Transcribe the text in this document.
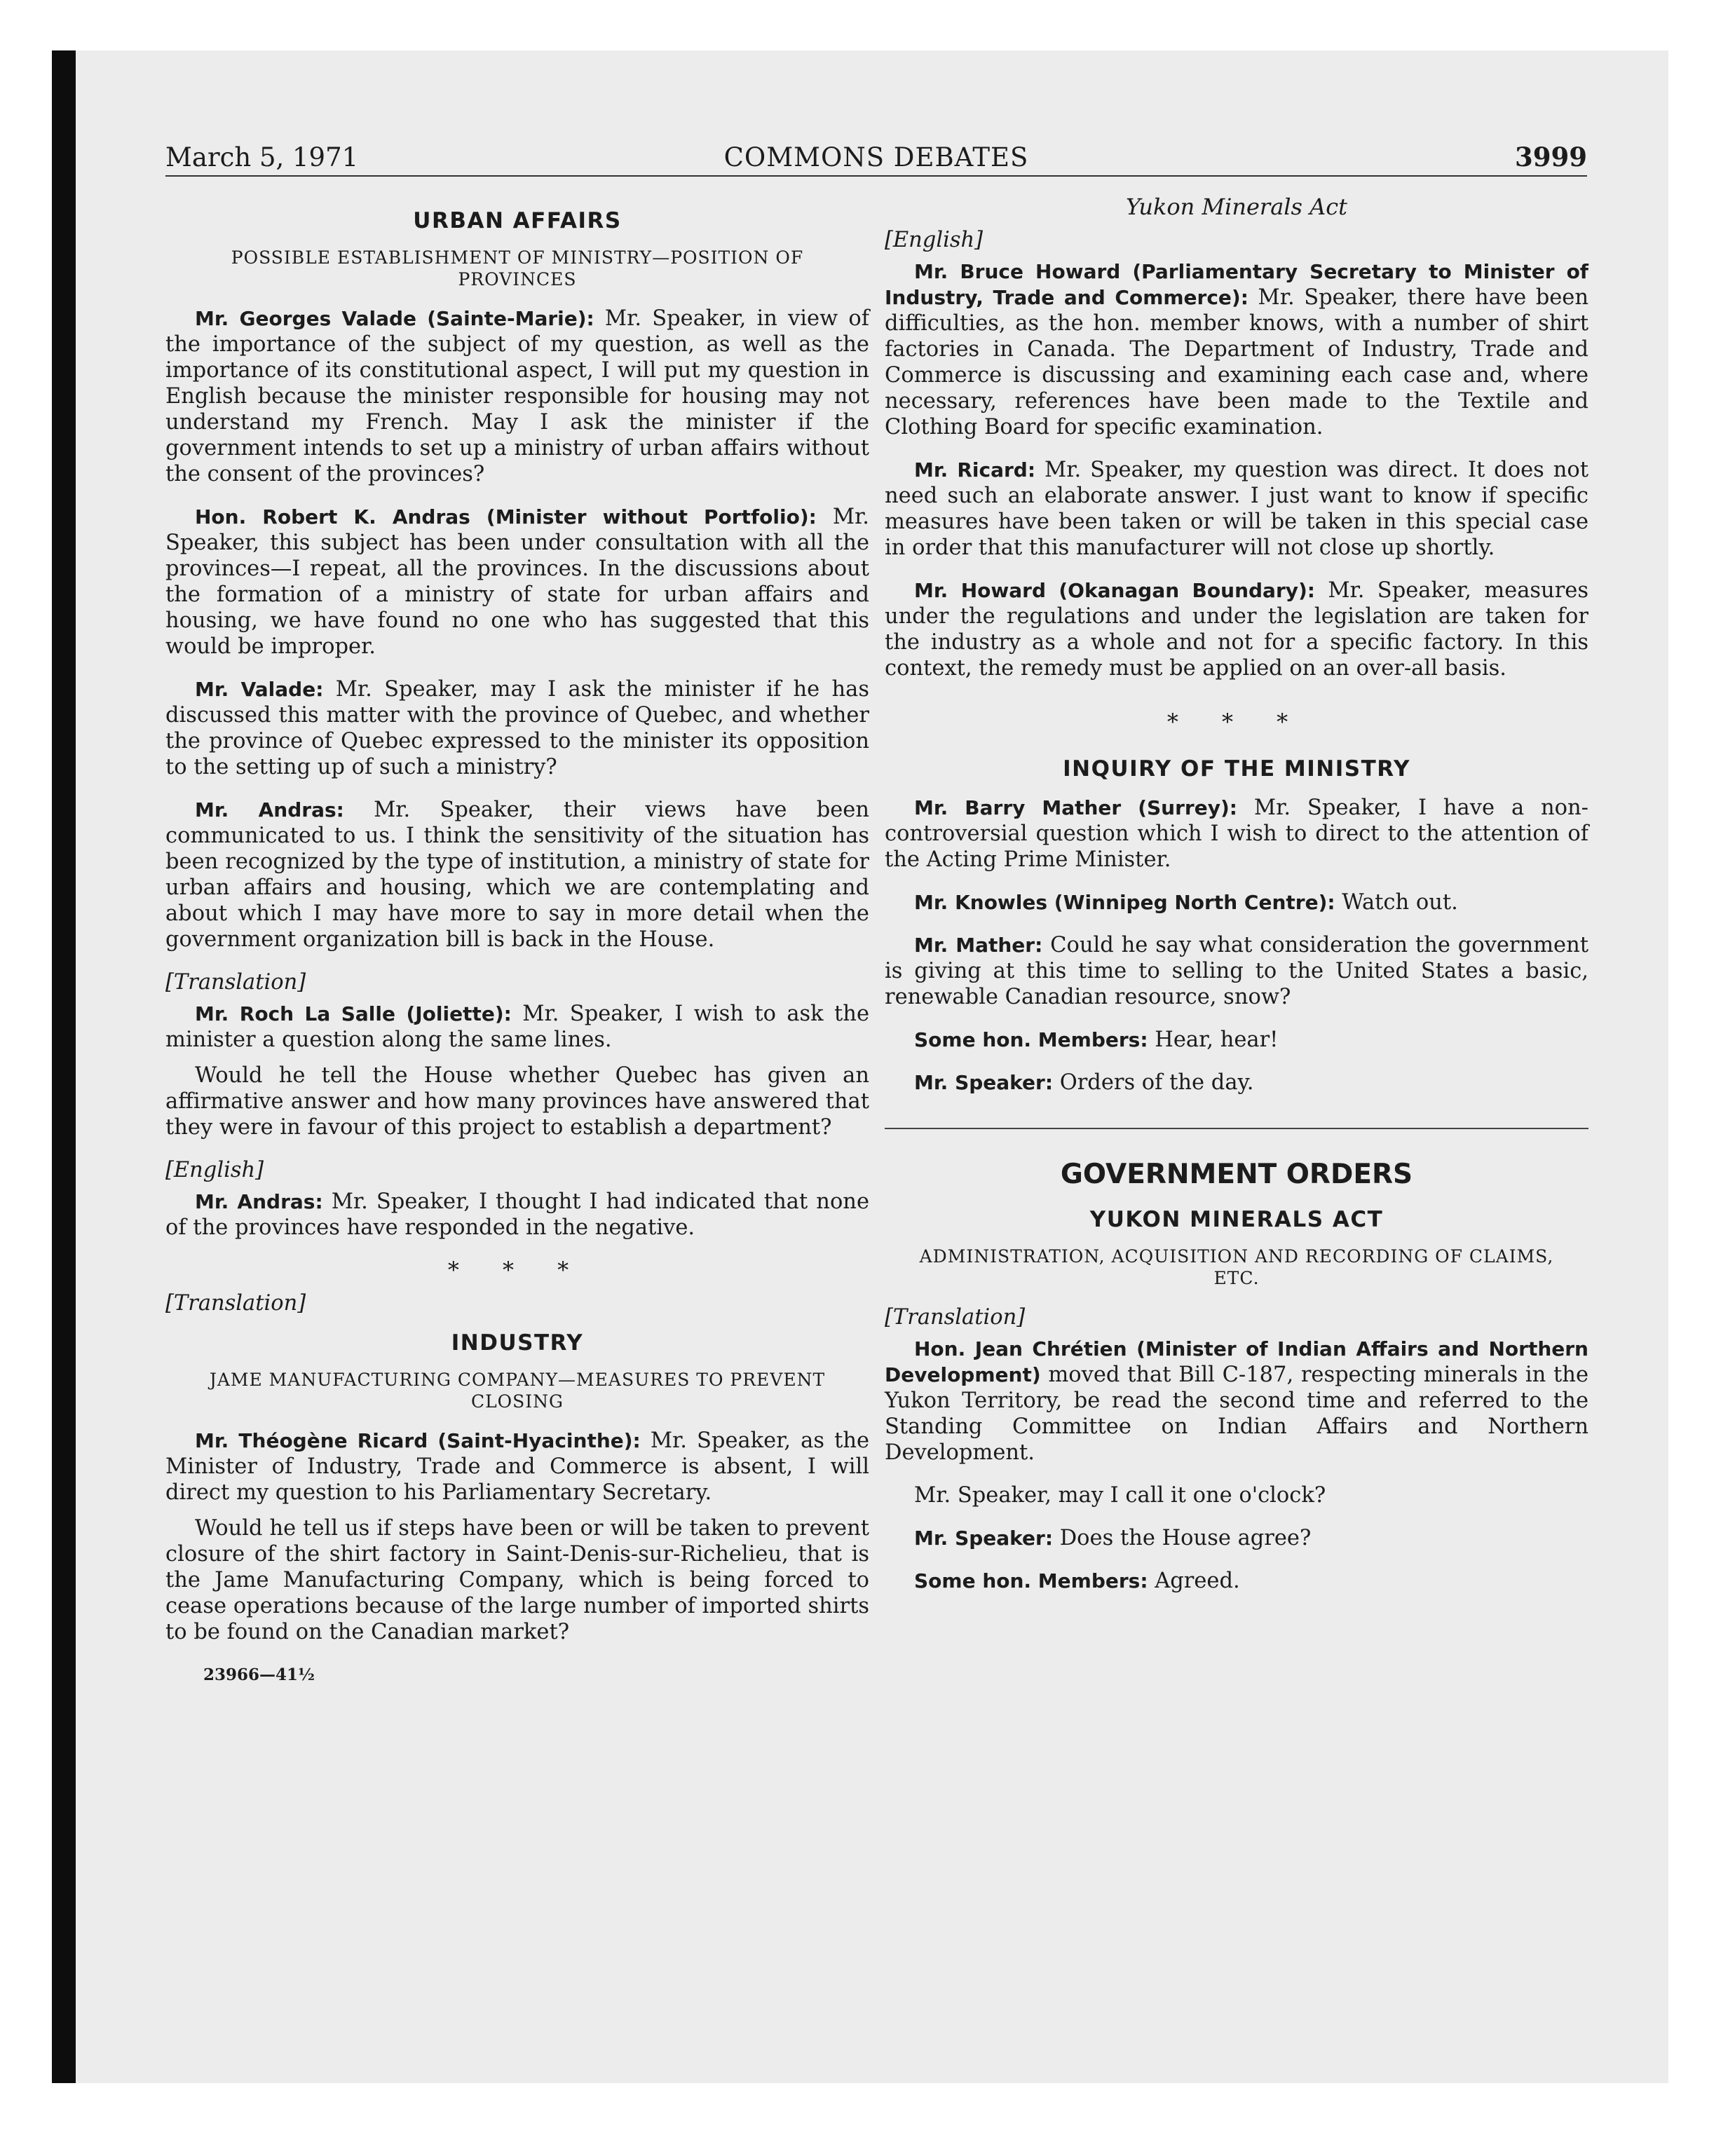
March 5, 1971	COMMONS DEBATES	3999
URBAN AFFAIRS
POSSIBLE ESTABLISHMENT OF MINISTRY—POSITION OF PROVINCES

Mr. Georges Valade (Sainte-Marie): Mr. Speaker, in view of the importance of the subject of my question, as well as the importance of its constitutional aspect, I will put my question in English because the minister responsible for housing may not understand my French. May I ask the minister if the government intends to set up a ministry of urban affairs without the consent of the provinces?

Hon. Robert K. Andras (Minister without Portfolio): Mr. Speaker, this subject has been under consultation with all the provinces—I repeat, all the provinces. In the discussions about the formation of a ministry of state for urban affairs and housing, we have found no one who has suggested that this would be improper.

Mr. Valade: Mr. Speaker, may I ask the minister if he has discussed this matter with the province of Quebec, and whether the province of Quebec expressed to the minister its opposition to the setting up of such a ministry?

Mr. Andras: Mr. Speaker, their views have been communicated to us. I think the sensitivity of the situation has been recognized by the type of institution, a ministry of state for urban affairs and housing, which we are contemplating and about which I may have more to say in more detail when the government organization bill is back in the House.

[Translation]

Mr. Roch La Salle (Joliette): Mr. Speaker, I wish to ask the minister a question along the same lines.

Would he tell the House whether Quebec has given an affirmative answer and how many provinces have answered that they were in favour of this project to establish a department?

[English]

Mr. Andras: Mr. Speaker, I thought I had indicated that none of the provinces have responded in the negative.

* * *
[Translation]
INDUSTRY
JAME MANUFACTURING COMPANY—MEASURES TO PREVENT CLOSING

Mr. Théogène Ricard (Saint-Hyacinthe): Mr. Speaker, as the Minister of Industry, Trade and Commerce is absent, I will direct my question to his Parliamentary Secretary.

Would he tell us if steps have been or will be taken to prevent closure of the shirt factory in Saint-Denis-sur-Richelieu, that is the Jame Manufacturing Company, which is being forced to cease operations because of the large number of imported shirts to be found on the Canadian market?

23966—41½
Yukon Minerals Act
[English]

Mr. Bruce Howard (Parliamentary Secretary to Minister of Industry, Trade and Commerce): Mr. Speaker, there have been difficulties, as the hon. member knows, with a number of shirt factories in Canada. The Department of Industry, Trade and Commerce is discussing and examining each case and, where necessary, references have been made to the Textile and Clothing Board for specific examination.

Mr. Ricard: Mr. Speaker, my question was direct. It does not need such an elaborate answer. I just want to know if specific measures have been taken or will be taken in this special case in order that this manufacturer will not close up shortly.

Mr. Howard (Okanagan Boundary): Mr. Speaker, measures under the regulations and under the legislation are taken for the industry as a whole and not for a specific factory. In this context, the remedy must be applied on an over-all basis.

* * *
INQUIRY OF THE MINISTRY

Mr. Barry Mather (Surrey): Mr. Speaker, I have a non-controversial question which I wish to direct to the attention of the Acting Prime Minister.

Mr. Knowles (Winnipeg North Centre): Watch out.

Mr. Mather: Could he say what consideration the government is giving at this time to selling to the United States a basic, renewable Canadian resource, snow?

Some hon. Members: Hear, hear!

Mr. Speaker: Orders of the day.

GOVERNMENT ORDERS
YUKON MINERALS ACT
ADMINISTRATION, ACQUISITION AND RECORDING OF CLAIMS, ETC.
[Translation]

Hon. Jean Chrétien (Minister of Indian Affairs and Northern Development) moved that Bill C-187, respecting minerals in the Yukon Territory, be read the second time and referred to the Standing Committee on Indian Affairs and Northern Development.

Mr. Speaker, may I call it one o'clock?

Mr. Speaker: Does the House agree?

Some hon. Members: Agreed.
